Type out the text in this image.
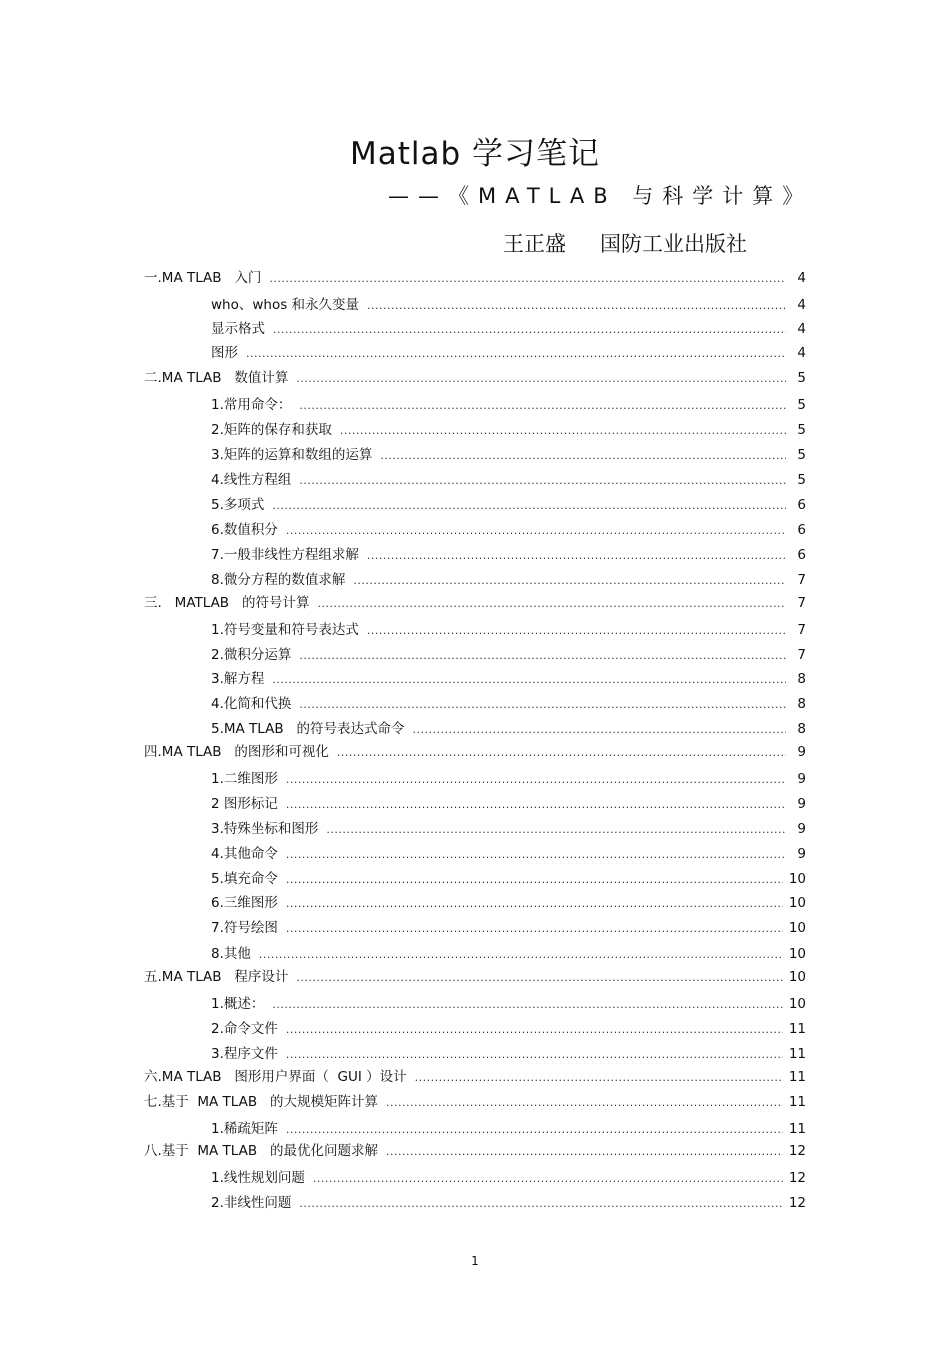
Matlab 学习笔记
——《MATLAB 与科学计算》
王正盛 国防工业出版社
一.MA TLAB   入门 .....	4
who、whos 和永久变量 .....	4
显示格式 .....	4
图形 .....	4
二.MA TLAB   数值计算 .....	5
1.常用命令： .....	5
2.矩阵的保存和获取 .....	5
3.矩阵的运算和数组的运算 .....	5
4.线性方程组 .....	5
5.多项式 .....	6
6.数值积分 .....	6
7.一般非线性方程组求解 .....	6
8.微分方程的数值求解 .....	7
三.   MATLAB   的符号计算 .....	7
1.符号变量和符号表达式 .....	7
2.微积分运算 .....	7
3.解方程 .....	8
4.化简和代换 .....	8
5.MA TLAB   的符号表达式命令 .....	8
四.MA TLAB   的图形和可视化 .....	9
1.二维图形 .....	9
2 图形标记 .....	9
3.特殊坐标和图形 .....	9
4.其他命令 .....	9
5.填充命令 .....	10
6.三维图形 .....	10
7.符号绘图 .....	10
8.其他 .....	10
五.MA TLAB   程序设计 .....	10
1.概述： .....	10
2.命令文件 .....	11
3.程序文件 .....	11
六.MA TLAB   图形用户界面（  GUI ）设计 .....	11
七.基于  MA TLAB   的大规模矩阵计算 .....	11
1.稀疏矩阵 .....	11
八.基于  MA TLAB   的最优化问题求解 .....	12
1.线性规划问题 .....	12
2.非线性问题 .....	12
1
